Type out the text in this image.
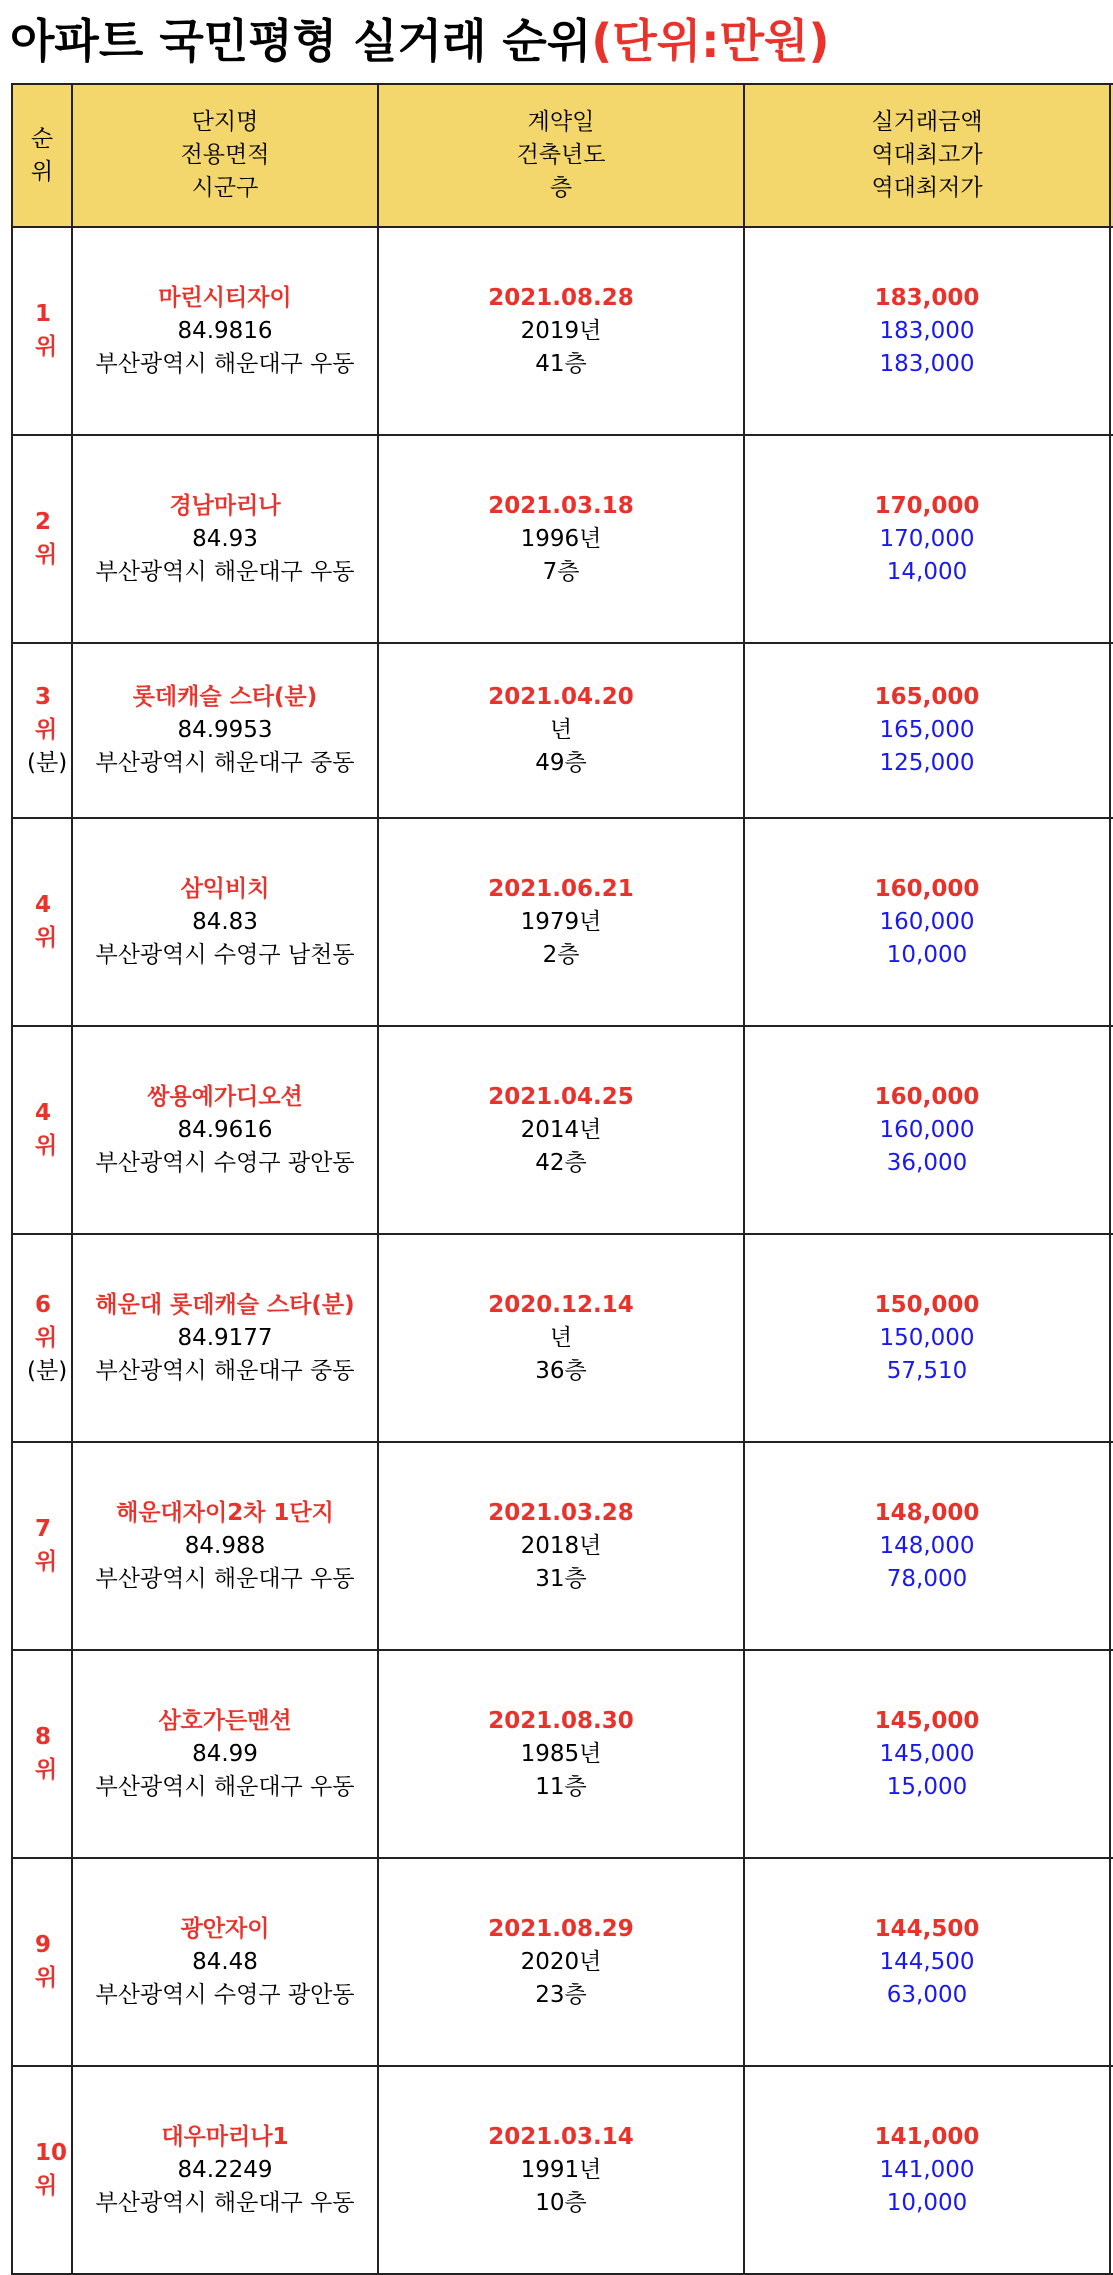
아파트 국민평형 실거래 순위(단위:만원)
순
위	단지명
전용면적
시군구	계약일
건축년도
층	실거래금액
역대최고가
역대최저가	

1
위	마린시티자이
84.9816
부산광역시 해운대구 우동	2021.08.28
2019년
41층	183,000
183,000
183,000	

2
위	경남마리나
84.93
부산광역시 해운대구 우동	2021.03.18
1996년
7층	170,000
170,000
14,000	

3
위
(분)	롯데캐슬 스타(분)
84.9953
부산광역시 해운대구 중동	2021.04.20
년
49층	165,000
165,000
125,000	

4
위	삼익비치
84.83
부산광역시 수영구 남천동	2021.06.21
1979년
2층	160,000
160,000
10,000	

4
위	쌍용예가디오션
84.9616
부산광역시 수영구 광안동	2021.04.25
2014년
42층	160,000
160,000
36,000	

6
위
(분)	해운대 롯데캐슬 스타(분)
84.9177
부산광역시 해운대구 중동	2020.12.14
년
36층	150,000
150,000
57,510	

7
위	해운대자이2차 1단지
84.988
부산광역시 해운대구 우동	2021.03.28
2018년
31층	148,000
148,000
78,000	

8
위	삼호가든맨션
84.99
부산광역시 해운대구 우동	2021.08.30
1985년
11층	145,000
145,000
15,000	

9
위	광안자이
84.48
부산광역시 수영구 광안동	2021.08.29
2020년
23층	144,500
144,500
63,000	

10
위	대우마리나1
84.2249
부산광역시 해운대구 우동	2021.03.14
1991년
10층	141,000
141,000
10,000	
